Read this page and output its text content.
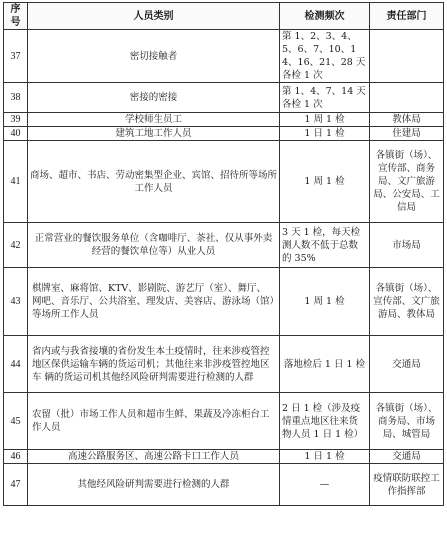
序号	人员类别	检测频次	责任部门
37	密切接触者	第 1、2、3、4、5、6、7、10、14、16、21、28 天各检 1 次	
38	密接的密接	第 1、4、7、14 天各检 1 次	
39	学校师生员工	1 周 1 检	教体局
40	建筑工地工作人员	1 日 1 检	住建局
41	商场、超市、书店、劳动密集型企业、宾馆、招待所等场所工作人员	1 周 1 检	各镇街（场）、宣传部、商务局、文广旅游局、公安局、工信局
42	正常营业的餐饮服务单位（含咖啡厅、茶社、仅从事外卖 经营的餐饮单位等）从业人员	3 天 1 检，每天检测人数不低于总数的 35%	市场局
43	棋牌室、麻将馆、KTV、影剧院、游艺厅（室）、舞厅、 网吧、音乐厅、公共浴室、理发店、美容店、游泳场（馆）等场所工作人员	1 周 1 检	各镇街（场）、宣传部、文广旅游局、教体局
44	省内或与我省接壤的省份发生本土疫情时，往来涉疫管控 地区保供运输车辆的货运司机；其他往来非涉疫管控地区车 辆的货运司机其他经风险研判需要进行检测的人群	落地检后 1 日 1 检	交通局
45	农留（批）市场工作人员和超市生鲜、果蔬及冷冻柜台工作人员	2 日 1 检（涉及疫情重点地区往来货物人员 1 日 1 检）	各镇街（场）、商务局、市场局、城管局
46	高速公路服务区、高速公路卡口工作人员	1 日 1 检	交通局
47	其他经风险研判需要进行检测的人群	—	疫情联防联控工作指挥部
